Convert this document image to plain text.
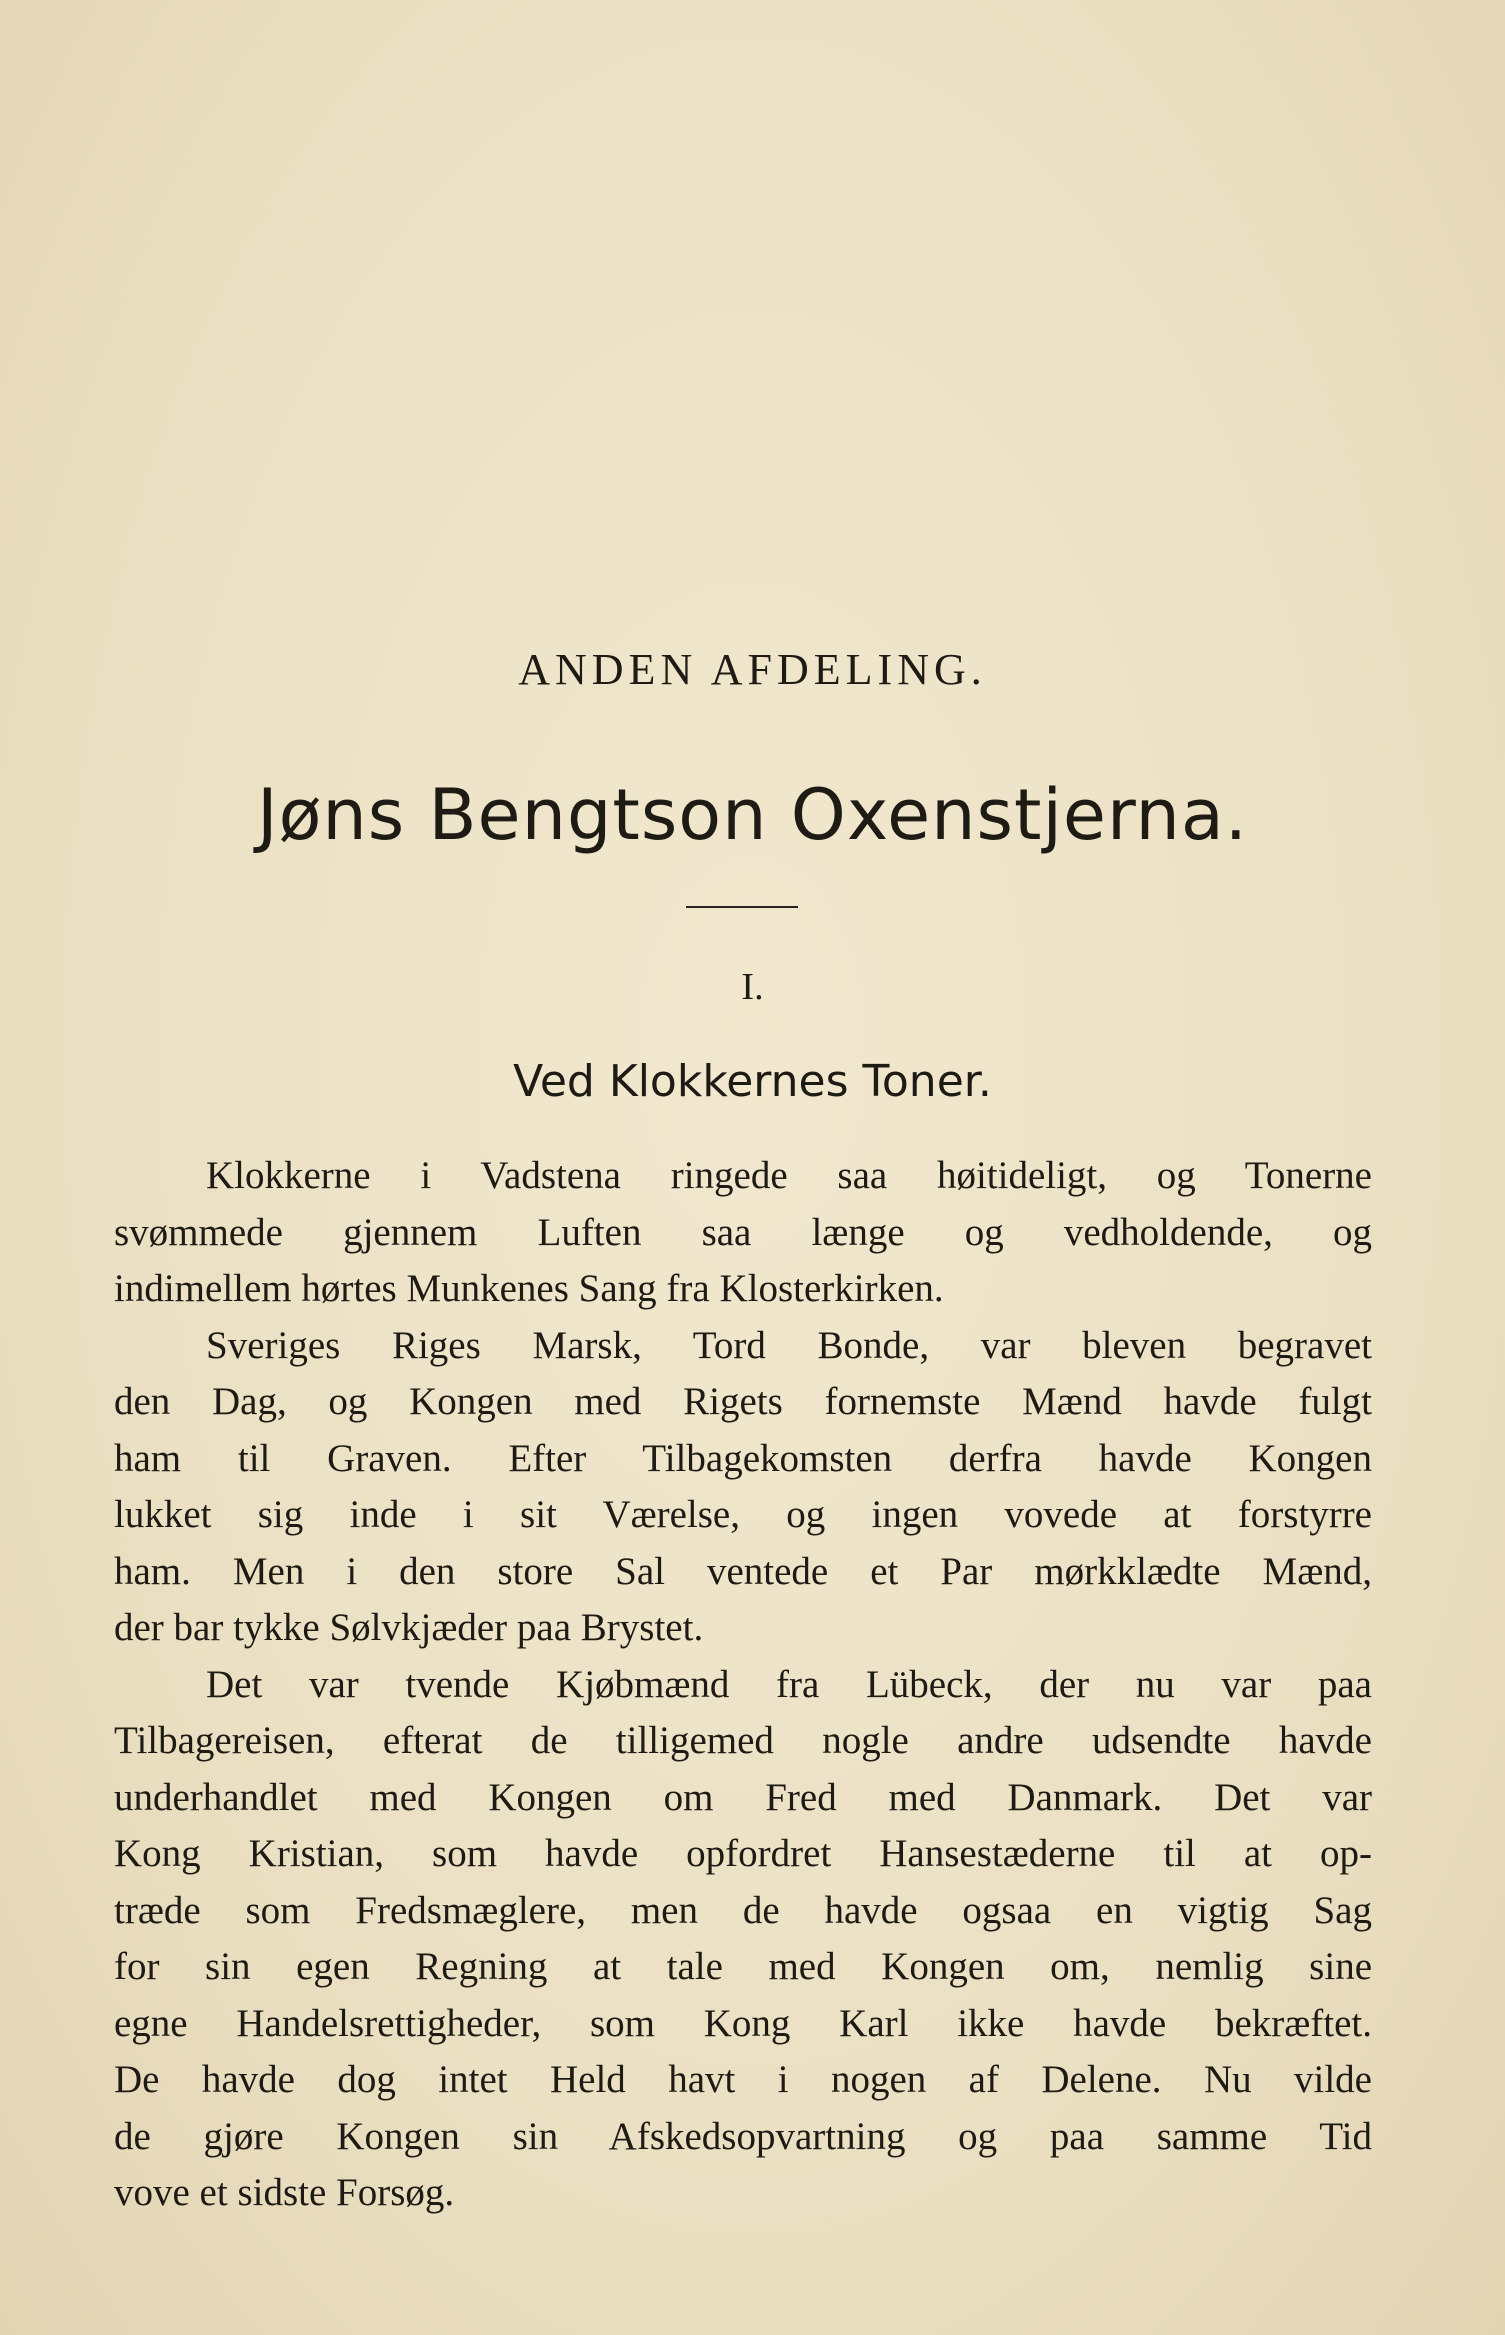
ANDEN AFDELING.
Jøns Bengtson Oxenstjerna.
I.
Ved Klokkernes Toner.
Klokkerne i Vadstena ringede saa høitideligt, og Tonerne
svømmede gjennem Luften saa længe og vedholdende, og
indimellem hørtes Munkenes Sang fra Klosterkirken.
Sveriges Riges Marsk, Tord Bonde, var bleven begravet
den Dag, og Kongen med Rigets fornemste Mænd havde fulgt
ham til Graven. Efter Tilbagekomsten derfra havde Kongen
lukket sig inde i sit Værelse, og ingen vovede at forstyrre
ham. Men i den store Sal ventede et Par mørkklædte Mænd,
der bar tykke Sølvkjæder paa Brystet.
Det var tvende Kjøbmænd fra Lübeck, der nu var paa
Tilbagereisen, efterat de tilligemed nogle andre udsendte havde
underhandlet med Kongen om Fred med Danmark. Det var
Kong Kristian, som havde opfordret Hansestæderne til at op-
træde som Fredsmæglere, men de havde ogsaa en vigtig Sag
for sin egen Regning at tale med Kongen om, nemlig sine
egne Handelsrettigheder, som Kong Karl ikke havde bekræftet.
De havde dog intet Held havt i nogen af Delene. Nu vilde
de gjøre Kongen sin Afskedsopvartning og paa samme Tid
vove et sidste Forsøg.
